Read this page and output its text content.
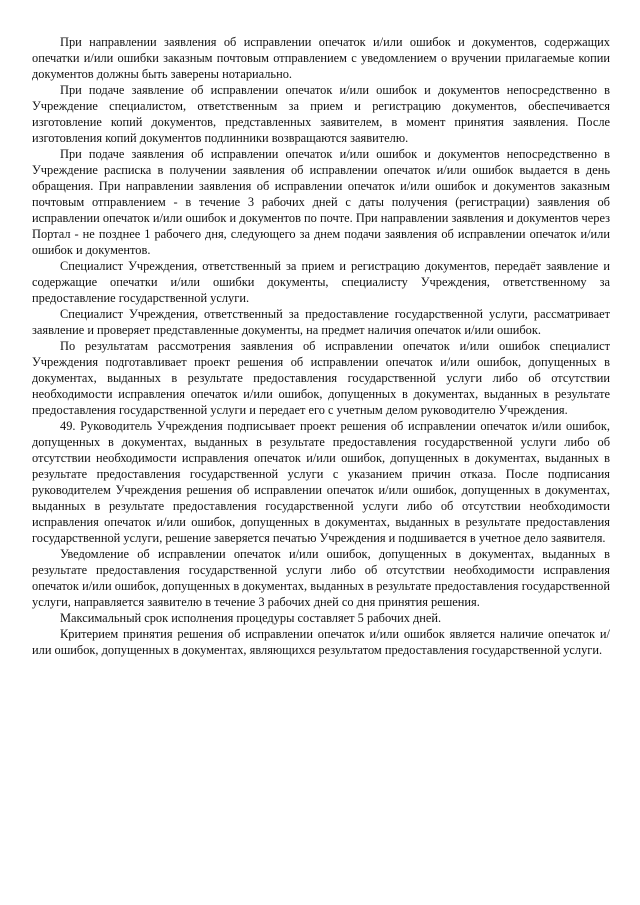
При направлении заявления об исправлении опечаток и/или ошибок и документов, содержащих опечатки и/или ошибки заказным почтовым отправлением с уведомлением о вручении прилагаемые копии документов должны быть заверены нотариально.

При подаче заявление об исправлении опечаток и/или ошибок и документов непосредственно в Учреждение специалистом, ответственным за прием и регистрацию документов, обеспечивается изготовление копий документов, представленных заявителем, в момент принятия заявления. После изготовления копий документов подлинники возвращаются заявителю.

При подаче заявления об исправлении опечаток и/или ошибок и документов непосредственно в Учреждение расписка в получении заявления об исправлении опечаток и/или ошибок выдается в день обращения. При направлении заявления об исправлении опечаток и/или ошибок и документов заказным почтовым отправлением - в течение 3 рабочих дней с даты получения (регистрации) заявления об исправлении опечаток и/или ошибок и документов по почте. При направлении заявления и документов через Портал - не позднее 1 рабочего дня, следующего за днем подачи заявления об исправлении опечаток и/или ошибок и документов.

Специалист Учреждения, ответственный за прием и регистрацию документов, передаёт заявление и содержащие опечатки и/или ошибки документы, специалисту Учреждения, ответственному за предоставление государственной услуги.

Специалист Учреждения, ответственный за предоставление государственной услуги, рассматривает заявление и проверяет представленные документы, на предмет наличия опечаток и/или ошибок.

По результатам рассмотрения заявления об исправлении опечаток и/или ошибок специалист Учреждения подготавливает проект решения об исправлении опечаток и/или ошибок, допущенных в документах, выданных в результате предоставления государственной услуги либо об отсутствии необходимости исправления опечаток и/или ошибок, допущенных в документах, выданных в результате предоставления государственной услуги и передает его с учетным делом руководителю Учреждения.

49. Руководитель Учреждения подписывает проект решения об исправлении опечаток и/или ошибок, допущенных в документах, выданных в результате предоставления государственной услуги либо об отсутствии необходимости исправления опечаток и/или ошибок, допущенных в документах, выданных в результате предоставления государственной услуги с указанием причин отказа. После подписания руководителем Учреждения решения об исправлении опечаток и/или ошибок, допущенных в документах, выданных в результате предоставления государственной услуги либо об отсутствии необходимости исправления опечаток и/или ошибок, допущенных в документах, выданных в результате предоставления государственной услуги, решение заверяется печатью Учреждения и подшивается в учетное дело заявителя.

Уведомление об исправлении опечаток и/или ошибок, допущенных в документах, выданных в результате предоставления государственной услуги либо об отсутствии необходимости исправления опечаток и/или ошибок, допущенных в документах, выданных в результате предоставления государственной услуги, направляется заявителю в течение 3 рабочих дней со дня принятия решения.

Максимальный срок исполнения процедуры составляет 5 рабочих дней.

Критерием принятия решения об исправлении опечаток и/или ошибок является наличие опечаток и/или ошибок, допущенных в документах, являющихся результатом предоставления государственной услуги.
